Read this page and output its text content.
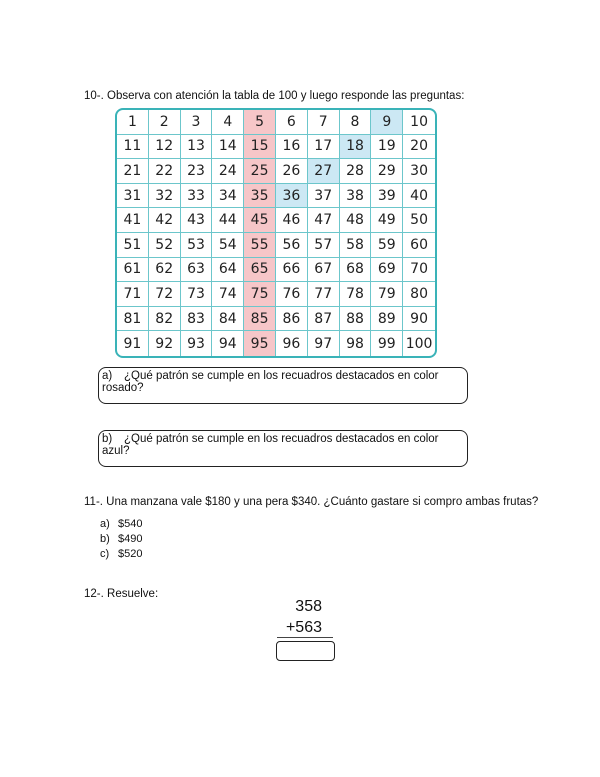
10-. Observa con atención la tabla de 100 y luego responde las preguntas:
1	2	3	4	5	6	7	8	9	10
11 12 13 14 15 16 17 18 19	20
21 22 23 24 25 26 27 28 29	30
31 32 33 34 35 36 37 38 39	40
41 42 43 44 45 46 47 48 49	50
51 52 53 54 55 56 57 58 59	60
61 62 63 64 65 66 67 68 69	70
71 72 73 74 75 76 77 78 79	80
81 82 83 84 85 86 87 88 89	90
91 92 93 94 95 96 97 98 99 100
a) ¿Qué patrón se cumple en los recuadros destacados en color rosado?
b) ¿Qué patrón se cumple en los recuadros destacados en color azul?
11-. Una manzana vale $180 y una pera $340. ¿Cuánto gastare si compro ambas frutas?
a) $540
b) $490
c) $520
12-. Resuelve:
358
+563
